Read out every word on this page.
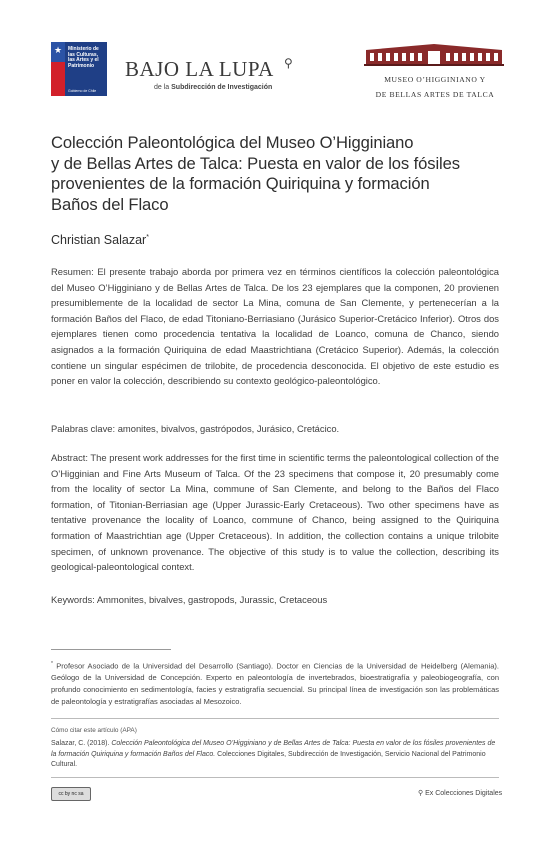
★ Ministerio de las Culturas, las Artes y el Patrimonio
Gobierno de Chile
BAJO LA LUPA ⚲
de la Subdirección de Investigación
MUSEO O’HIGGINIANO Y
DE BELLAS ARTES DE TALCA
Colección Paleontológica del Museo O’Higginiano
y de Bellas Artes de Talca: Puesta en valor de los fósiles
provenientes de la formación Quiriquina y formación
Baños del Flaco
Christian Salazar*
Resumen: El presente trabajo aborda por primera vez en términos científicos la colección paleontológica del Museo O’Higginiano y de Bellas Artes de Talca. De los 23 ejemplares que la componen, 20 provienen presumiblemente de la localidad de sector La Mina, comuna de San Clemente, y pertenecerían a la formación Baños del Flaco, de edad Titoniano-Berriasiano (Jurásico Superior-Cretácico Inferior). Otros dos ejemplares tienen como procedencia tentativa la localidad de Loanco, comuna de Chanco, siendo asignados a la formación Quiriquina de edad Maastrichtiana (Cretácico Superior). Además, la colección contiene un singular espécimen de trilobite, de procedencia desconocida. El objetivo de este estudio es poner en valor la colección, describiendo su contexto geológico-paleontológico.
Palabras clave: amonites, bivalvos, gastrópodos, Jurásico, Cretácico.
Abstract: The present work addresses for the first time in scientific terms the paleontological collection of the O’Higginian and Fine Arts Museum of Talca. Of the 23 specimens that compose it, 20 presumably come from the locality of sector La Mina, commune of San Clemente, and belong to the Baños del Flaco formation, of Titonian-Berriasian age (Upper Jurassic-Early Cretaceous). Two other specimens have as tentative provenance the locality of Loanco, commune of Chanco, being assigned to the Quiriquina formation of Maastrichtian age (Upper Cretaceous). In addition, the collection contains a unique trilobite specimen, of unknown provenance. The objective of this study is to value the collection, describing its geological-paleontological context.
Keywords: Ammonites, bivalves, gastropods, Jurassic, Cretaceous
* Profesor Asociado de la Universidad del Desarrollo (Santiago). Doctor en Ciencias de la Universidad de Heidelberg (Alemania). Geólogo de la Universidad de Concepción. Experto en paleontología de invertebrados, bioestratigrafía y paleobiogeografía, con profundo conocimiento en sedimentología, facies y estratigrafía secuencial. Su principal línea de investigación son las problemáticas de paleontología y estratigrafías asociadas al Mesozoico.
Cómo citar este artículo (APA)
Salazar, C. (2018). Colección Paleontológica del Museo O’Higginiano y de Bellas Artes de Talca: Puesta en valor de los fósiles provenientes de la formación Quiriquina y formación Baños del Flaco. Colecciones Digitales, Subdirección de Investigación, Servicio Nacional del Patrimonio Cultural.
cc by nc sa	⚲ Ex Colecciones Digitales
